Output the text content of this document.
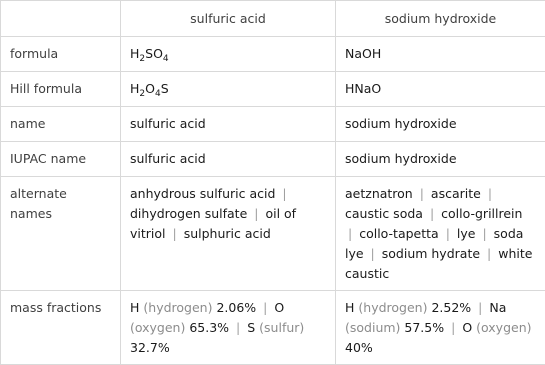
	sulfuric acid	sodium hydroxide
formula	$H_2SO_4$	NaOH
Hill formula	$H_2O_4S$	HNaO
name	sulfuric acid	sodium hydroxide
IUPAC name	sulfuric acid	sodium hydroxide
alternate names	anhydrous sulfuric acid | dihydrogen sulfate | oil of vitriol | sulphuric acid	aetznatron | ascarite | caustic soda | collo-grillrein | collo-tapetta | lye | soda lye | sodium hydrate | white caustic
mass fractions	H (hydrogen) 2.06% | O (oxygen) 65.3% | S (sulfur) 32.7%	H (hydrogen) 2.52% | Na (sodium) 57.5% | O (oxygen) 40%
